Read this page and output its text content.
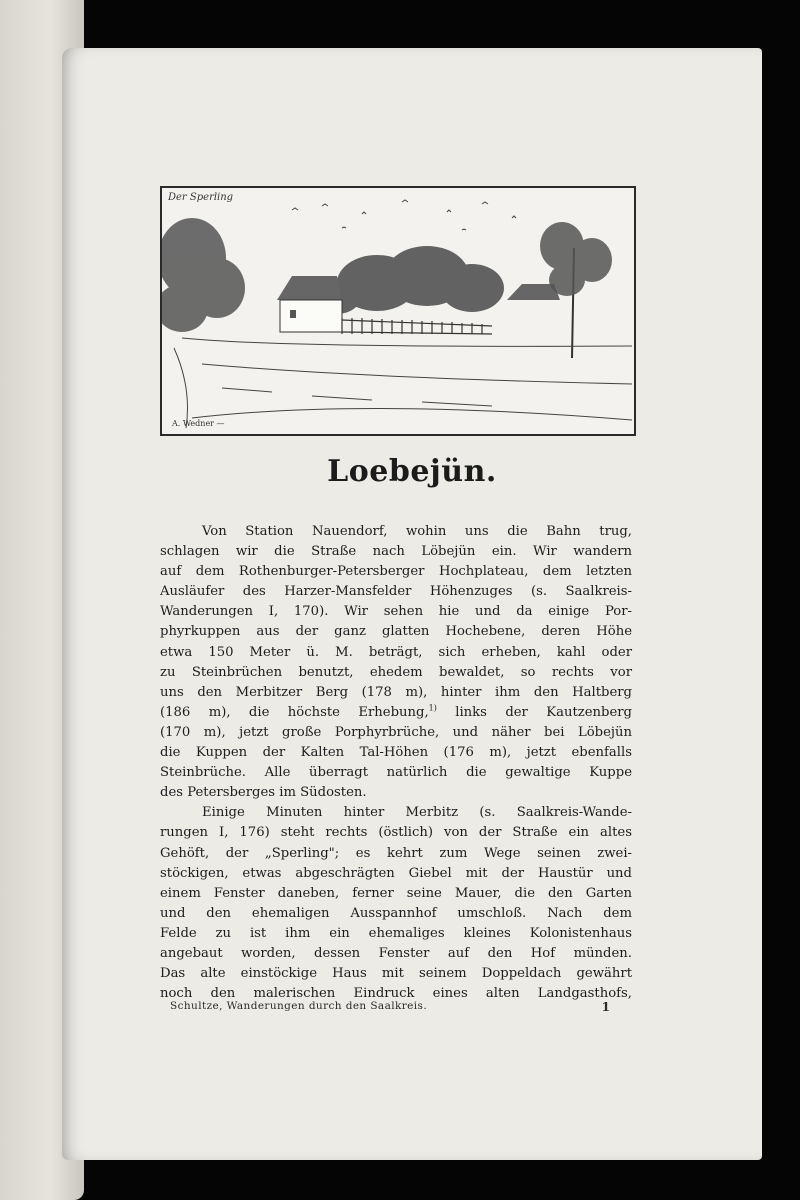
Der Sperling
A. Wedner —
Loebejün.
Von Station Nauendorf, wohin uns die Bahn trug,
schlagen wir die Straße nach Löbejün ein. Wir wandern
auf dem Rothenburger-Petersberger Hochplateau, dem letzten
Ausläufer des Harzer-Mansfelder Höhenzuges (s. Saalkreis-
Wanderungen I, 170). Wir sehen hie und da einige Por-
phyrkuppen aus der ganz glatten Hochebene, deren Höhe
etwa 150 Meter ü. M. beträgt, sich erheben, kahl oder
zu Steinbrüchen benutzt, ehedem bewaldet, so rechts vor
uns den Merbitzer Berg (178 m), hinter ihm den Haltberg
(186 m), die höchste Erhebung,$^{1)}$ links der Kautzenberg
(170 m), jetzt große Porphyrbrüche, und näher bei Löbejün
die Kuppen der Kalten Tal-Höhen (176 m), jetzt ebenfalls
Steinbrüche. Alle überragt natürlich die gewaltige Kuppe
des Petersberges im Südosten.
Einige Minuten hinter Merbitz (s. Saalkreis-Wande-
rungen I, 176) steht rechts (östlich) von der Straße ein altes
Gehöft, der „Sperling"; es kehrt zum Wege seinen zwei-
stöckigen, etwas abgeschrägten Giebel mit der Haustür und
einem Fenster daneben, ferner seine Mauer, die den Garten
und den ehemaligen Ausspannhof umschloß. Nach dem
Felde zu ist ihm ein ehemaliges kleines Kolonistenhaus
angebaut worden, dessen Fenster auf den Hof münden.
Das alte einstöckige Haus mit seinem Doppeldach gewährt
noch den malerischen Eindruck eines alten Landgasthofs,
Schultze, Wanderungen durch den Saalkreis.	1
